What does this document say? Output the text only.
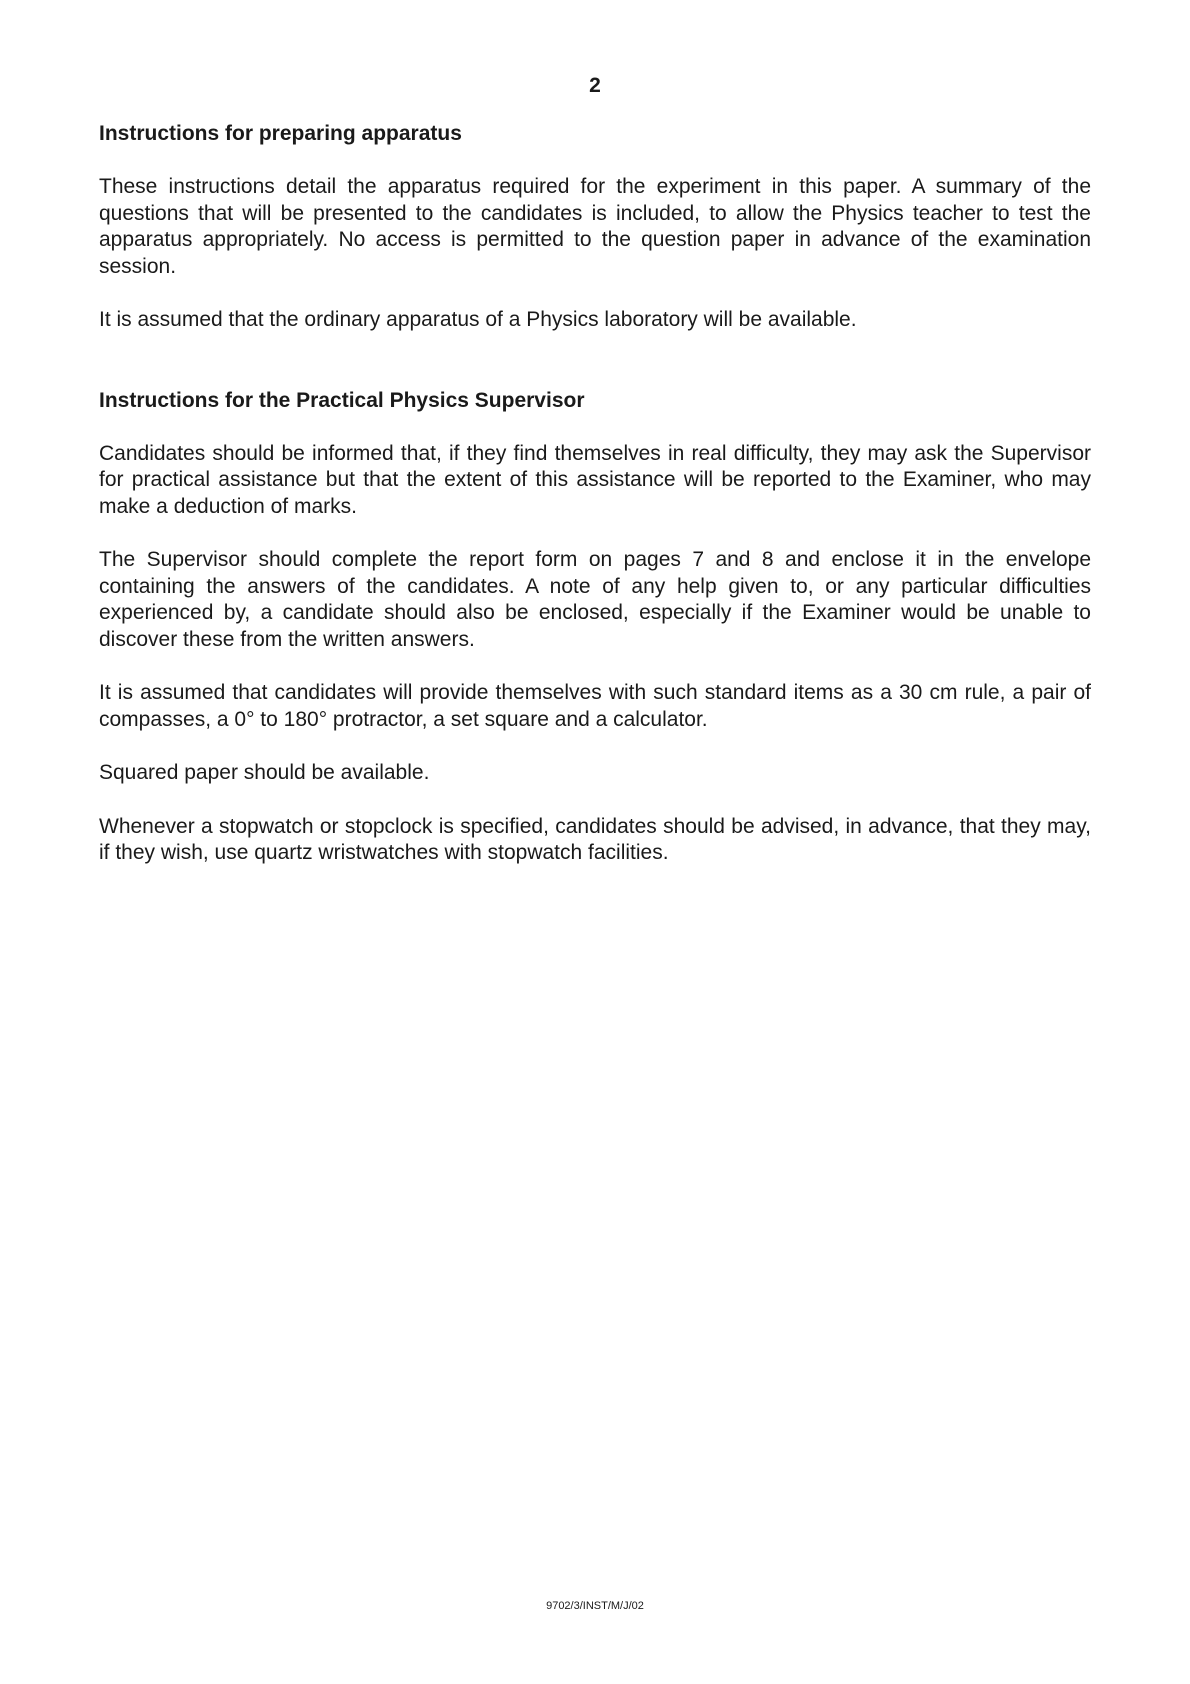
2
Instructions for preparing apparatus

These instructions detail the apparatus required for the experiment in this paper. A summary of the questions that will be presented to the candidates is included, to allow the Physics teacher to test the apparatus appropriately. No access is permitted to the question paper in advance of the examination session.

It is assumed that the ordinary apparatus of a Physics laboratory will be available.

Instructions for the Practical Physics Supervisor

Candidates should be informed that, if they find themselves in real difficulty, they may ask the Supervisor for practical assistance but that the extent of this assistance will be reported to the Examiner, who may make a deduction of marks.

The Supervisor should complete the report form on pages 7 and 8 and enclose it in the envelope containing the answers of the candidates. A note of any help given to, or any particular difficulties experienced by, a candidate should also be enclosed, especially if the Examiner would be unable to discover these from the written answers.

It is assumed that candidates will provide themselves with such standard items as a 30 cm rule, a pair of compasses, a 0° to 180° protractor, a set square and a calculator.

Squared paper should be available.

Whenever a stopwatch or stopclock is specified, candidates should be advised, in advance, that they may, if they wish, use quartz wristwatches with stopwatch facilities.

9702/3/INST/M/J/02
